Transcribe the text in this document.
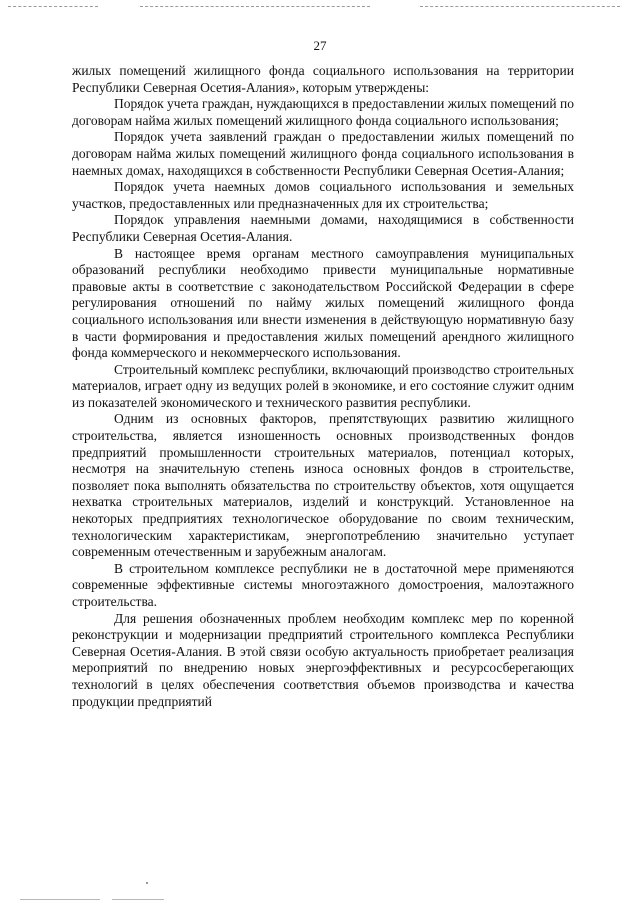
27

жилых помещений жилищного фонда социального использования на территории Республики Северная Осетия-Алания», которым утверждены:

Порядок учета граждан, нуждающихся в предоставлении жилых помещений по договорам найма жилых помещений жилищного фонда социального использования;

Порядок учета заявлений граждан о предоставлении жилых помещений по договорам найма жилых помещений жилищного фонда социального использования в наемных домах, находящихся в собственности Республики Северная Осетия-Алания;

Порядок учета наемных домов социального использования и земельных участков, предоставленных или предназначенных для их строительства;

Порядок управления наемными домами, находящимися в собственности Республики Северная Осетия-Алания.

В настоящее время органам местного самоуправления муниципальных образований республики необходимо привести муниципальные нормативные правовые акты в соответствие с законодательством Российской Федерации в сфере регулирования отношений по найму жилых помещений жилищного фонда социального использования или внести изменения в действующую нормативную базу в части формирования и предоставления жилых помещений арендного жилищного фонда коммерческого и некоммерческого использования.

Строительный комплекс республики, включающий производство строительных материалов, играет одну из ведущих ролей в экономике, и его состояние служит одним из показателей экономического и технического развития республики.

Одним из основных факторов, препятствующих развитию жилищного строительства, является изношенность основных производственных фондов предприятий промышленности строительных материалов, потенциал которых, несмотря на значительную степень износа основных фондов в строительстве, позволяет пока выполнять обязательства по строительству объектов, хотя ощущается нехватка строительных материалов, изделий и конструкций. Установленное на некоторых предприятиях технологическое оборудование по своим техническим, технологическим характеристикам, энергопотреблению значительно уступает современным отечественным и зарубежным аналогам.

В строительном комплексе республики не в достаточной мере применяются современные эффективные системы многоэтажного домостроения, малоэтажного строительства.

Для решения обозначенных проблем необходим комплекс мер по коренной реконструкции и модернизации предприятий строительного комплекса Республики Северная Осетия-Алания. В этой связи особую актуальность приобретает реализация мероприятий по внедрению новых энергоэффективных и ресурсосберегающих технологий в целях обеспечения соответствия объемов производства и качества продукции предприятий
